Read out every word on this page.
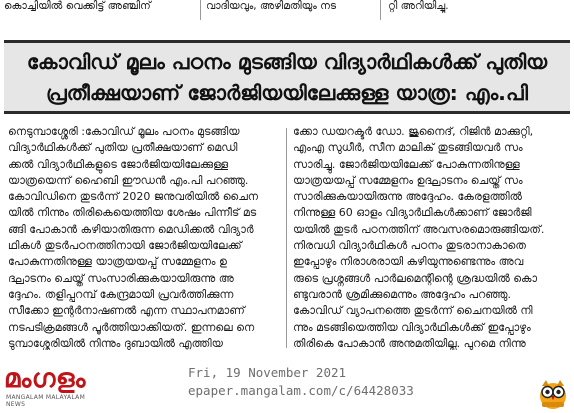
കൊച്ചിയിൽ വെക്കിട്ട് അഞ്ചിന്	വാദിയവും, അഴിമതിയും നട	റ്റി അറിയിച്ചു.
കോവിഡ് മൂലം പഠനം മുടങ്ങിയ വിദ്യാർഥികൾക്ക് പുതിയ
പ്രതീക്ഷയാണ് ജോർജിയയിലേക്കുള്ള യാത്ര: എം.പി
നെടുമ്പാശ്ശേരി :കോവിഡ് മൂലം പഠനം മുടങ്ങിയ
വിദ്യാർഥികൾക്ക് പുതിയ പ്രതീക്ഷയാണ് മെഡി
ക്കൽ വിദ്യാർഥികളുടെ ജോർജിയയിലേക്കുള്ള
യാത്രയെന്ന് ഹൈബി ഈഡൻ എം.പി പറഞ്ഞു.
കോവിഡിനെ തുടർന്ന് 2020 ജനുവരിയിൽ ചൈന
യിൽ നിന്നും തിരികെയെത്തിയ ശേഷം പിന്നീട് മട
ങ്ങി പോകാൻ കഴിയാതിരുന്ന മെഡിക്കൽ വിദ്യാർ
ഥികൾ തുടർപഠനത്തിനായി ജോർജിയയിലേക്ക്
പോകുന്നതിനുള്ള യാത്രയയപ്പ് സമ്മേളനം ഉ
ദ്ഘാടനം ചെയ്ത് സംസാരിക്കുകയായിരുന്നു അ
ദ്ദേഹം. തളിപ്പറമ്പ് കേന്ദ്രമായി പ്രവർത്തിക്കുന്ന
സീക്കോ ഇന്റർനാഷണൽ എന്ന സ്ഥാപനമാണ്
നടപടിക്രമങ്ങൾ പൂർത്തിയാക്കിയത്. ഇന്നലെ നെ
ടുമ്പാശ്ശേരിയിൽ നിന്നും ദുബായിൽ എത്തിയ
ക്കോ ഡയറക്ടർ ഡോ. ജുനൈദ്, റിജിൻ മാക്കുറ്റി,
എംഎ സുധീർ, സീന മാലിക് തുടങ്ങിയവർ സം
സാരിച്ചു. ജോർജിയയിലേക്ക് പോകുന്നതിനുള്ള
യാത്രയയപ്പ് സമ്മേളനം ഉദ്ഘാടനം ചെയ്ത് സം
സാരിക്കുകയായിരുന്നു അദ്ദേഹം. കേരളത്തിൽ
നിന്നുള്ള 60 ഓളം വിദ്യാർഥികൾക്കാണ് ജോർജി
യയിൽ തുടർ പഠനത്തിന് അവസരമൊരുങ്ങിയത്.
നിരവധി വിദ്യാർഥികൾ പഠനം തുടരാനാകാതെ
ഇപ്പോഴും നിരാശരായി കഴിയുന്നുണ്ടെന്നും അവ
രുടെ പ്രശ്നങ്ങൾ പാർലമെന്റിന്റെ ശ്രദ്ധയിൽ കൊ
ണ്ടുവരാൻ ശ്രമിക്കുമെന്നും അദ്ദേഹം പറഞ്ഞു.
കോവിഡ് വ്യാപനത്തെ തുടർന്ന് ചൈനയിൽ നി
ന്നും മടങ്ങിയെത്തിയ വിദ്യാർഥികൾക്ക് ഇപ്പോഴും
തിരികെ പോകാൻ അനുമതിയില്ല. പുറമെ നിന്നു
മംഗളം
MANGALAM MALAYALAM NEWS
Fri, 19 November 2021
epaper.mangalam.com/c/64428033
